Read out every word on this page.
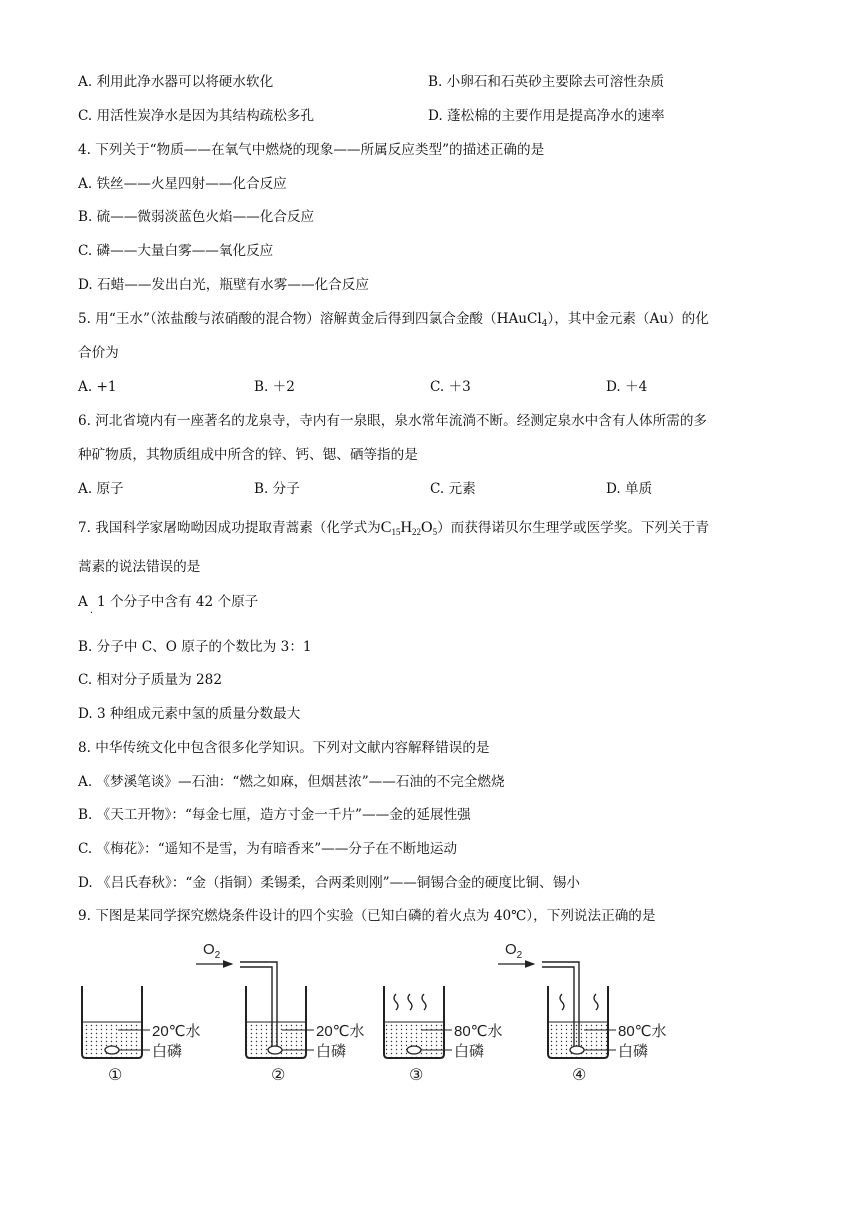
A. 利用此净水器可以将硬水软化	B. 小卵石和石英砂主要除去可溶性杂质
C. 用活性炭净水是因为其结构疏松多孔	D. 蓬松棉的主要作用是提高净水的速率
4. 下列关于“物质——在氧气中燃烧的现象——所属反应类型”的描述正确的是
A. 铁丝——火星四射——化合反应
B. 硫——微弱淡蓝色火焰——化合反应
C. 磷——大量白雾——氧化反应
D. 石蜡——发出白光，瓶壁有水雾——化合反应
5. 用“王水”（浓盐酸与浓硝酸的混合物）溶解黄金后得到四氯合金酸（HAuCl$_4$），其中金元素（Au）的化
合价为
A. +1	B. ＋2	C. ＋3	D. ＋4
6. 河北省境内有一座著名的龙泉寺，寺内有一泉眼，泉水常年流淌不断。经测定泉水中含有人体所需的多
种矿物质，其物质组成中所含的锌、钙、锶、硒等指的是
A. 原子	B. 分子	C. 元素	D. 单质
7. 我国科学家屠呦呦因成功提取青蒿素（化学式为$C_{15}H_{22}O_5$）而获得诺贝尔生理学或医学奖。下列关于青
蒿素的说法错误的是
$A_\cdot 1$ 个分子中含有 42 个原子
B. 分子中 C、O 原子的个数比为 3：1
C. 相对分子质量为 282
D. 3 种组成元素中氢的质量分数最大
8. 中华传统文化中包含很多化学知识。下列对文献内容解释错误的是
A. 《梦溪笔谈》—石油：“燃之如麻，但烟甚浓”——石油的不完全燃烧
B. 《天工开物》：“每金七厘，造方寸金一千片”——金的延展性强
C. 《梅花》：“遥知不是雪，为有暗香来”——分子在不断地运动
D. 《吕氏春秋》：“金（指铜）柔锡柔，合两柔则刚”——铜锡合金的硬度比铜、锡小
9. 下图是某同学探究燃烧条件设计的四个实验（已知白磷的着火点为 40℃），下列说法正确的是
20℃水
白磷
①
$O_2$
20℃水
白磷
②
80℃水
白磷
③
$O_2$
80℃水
白磷
④
